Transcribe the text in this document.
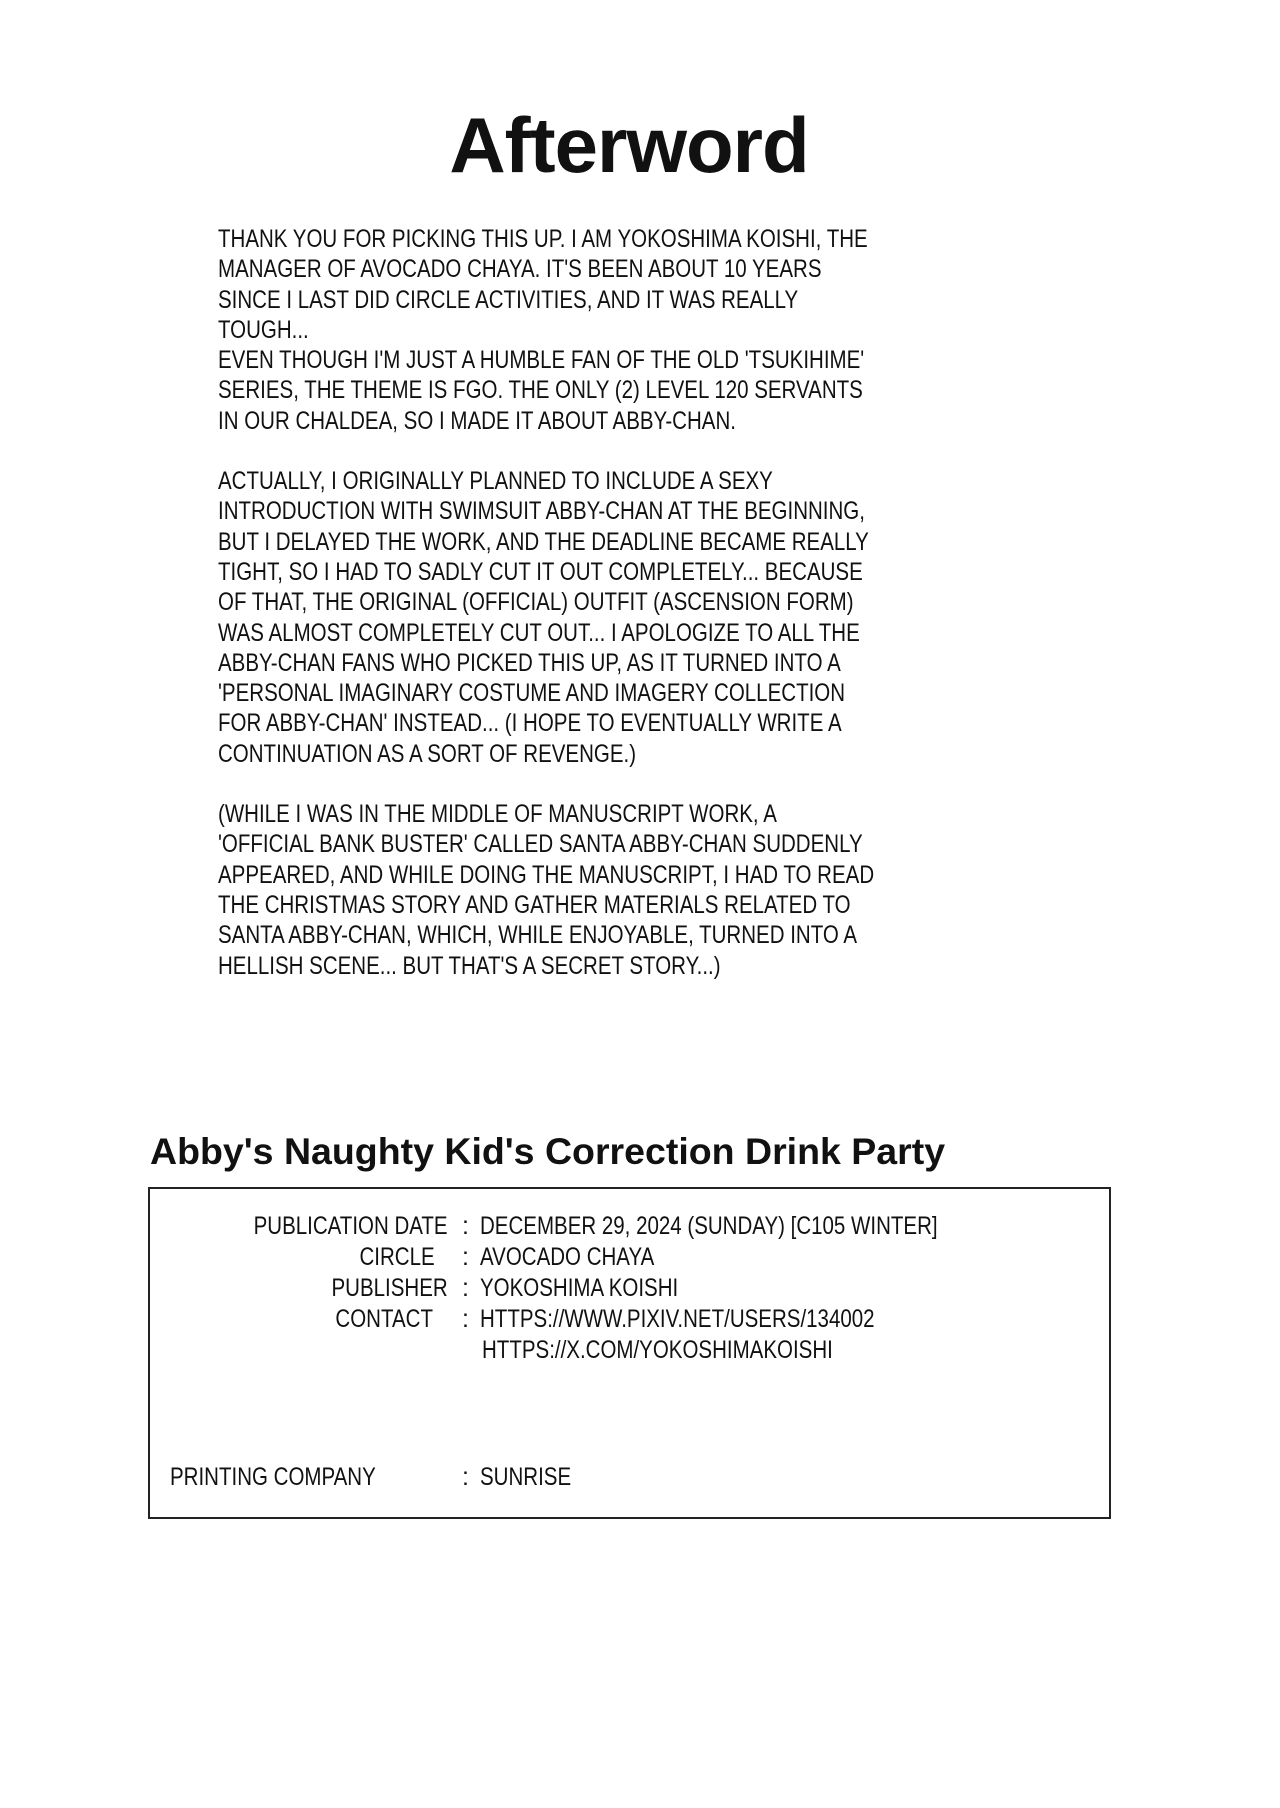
Afterword
THANK YOU FOR PICKING THIS UP. I AM YOKOSHIMA KOISHI, THE
MANAGER OF AVOCADO CHAYA. IT'S BEEN ABOUT 10 YEARS
SINCE I LAST DID CIRCLE ACTIVITIES, AND IT WAS REALLY
TOUGH...
EVEN THOUGH I'M JUST A HUMBLE FAN OF THE OLD 'TSUKIHIME'
SERIES, THE THEME IS FGO. THE ONLY (2) LEVEL 120 SERVANTS
IN OUR CHALDEA, SO I MADE IT ABOUT ABBY-CHAN.
ACTUALLY, I ORIGINALLY PLANNED TO INCLUDE A SEXY
INTRODUCTION WITH SWIMSUIT ABBY-CHAN AT THE BEGINNING,
BUT I DELAYED THE WORK, AND THE DEADLINE BECAME REALLY
TIGHT, SO I HAD TO SADLY CUT IT OUT COMPLETELY... BECAUSE
OF THAT, THE ORIGINAL (OFFICIAL) OUTFIT (ASCENSION FORM)
WAS ALMOST COMPLETELY CUT OUT... I APOLOGIZE TO ALL THE
ABBY-CHAN FANS WHO PICKED THIS UP, AS IT TURNED INTO A
'PERSONAL IMAGINARY COSTUME AND IMAGERY COLLECTION
FOR ABBY-CHAN' INSTEAD... (I HOPE TO EVENTUALLY WRITE A
CONTINUATION AS A SORT OF REVENGE.)
(WHILE I WAS IN THE MIDDLE OF MANUSCRIPT WORK, A
'OFFICIAL BANK BUSTER' CALLED SANTA ABBY-CHAN SUDDENLY
APPEARED, AND WHILE DOING THE MANUSCRIPT, I HAD TO READ
THE CHRISTMAS STORY AND GATHER MATERIALS RELATED TO
SANTA ABBY-CHAN, WHICH, WHILE ENJOYABLE, TURNED INTO A
HELLISH SCENE... BUT THAT'S A SECRET STORY...)
Abby's Naughty Kid's Correction Drink Party
PUBLICATION DATE : DECEMBER 29, 2024 (SUNDAY) [C105 WINTER]
CIRCLE : AVOCADO CHAYA
PUBLISHER : YOKOSHIMA KOISHI
CONTACT : HTTPS://WWW.PIXIV.NET/USERS/134002
HTTPS://X.COM/YOKOSHIMAKOISHI
PRINTING COMPANY	: SUNRISE
